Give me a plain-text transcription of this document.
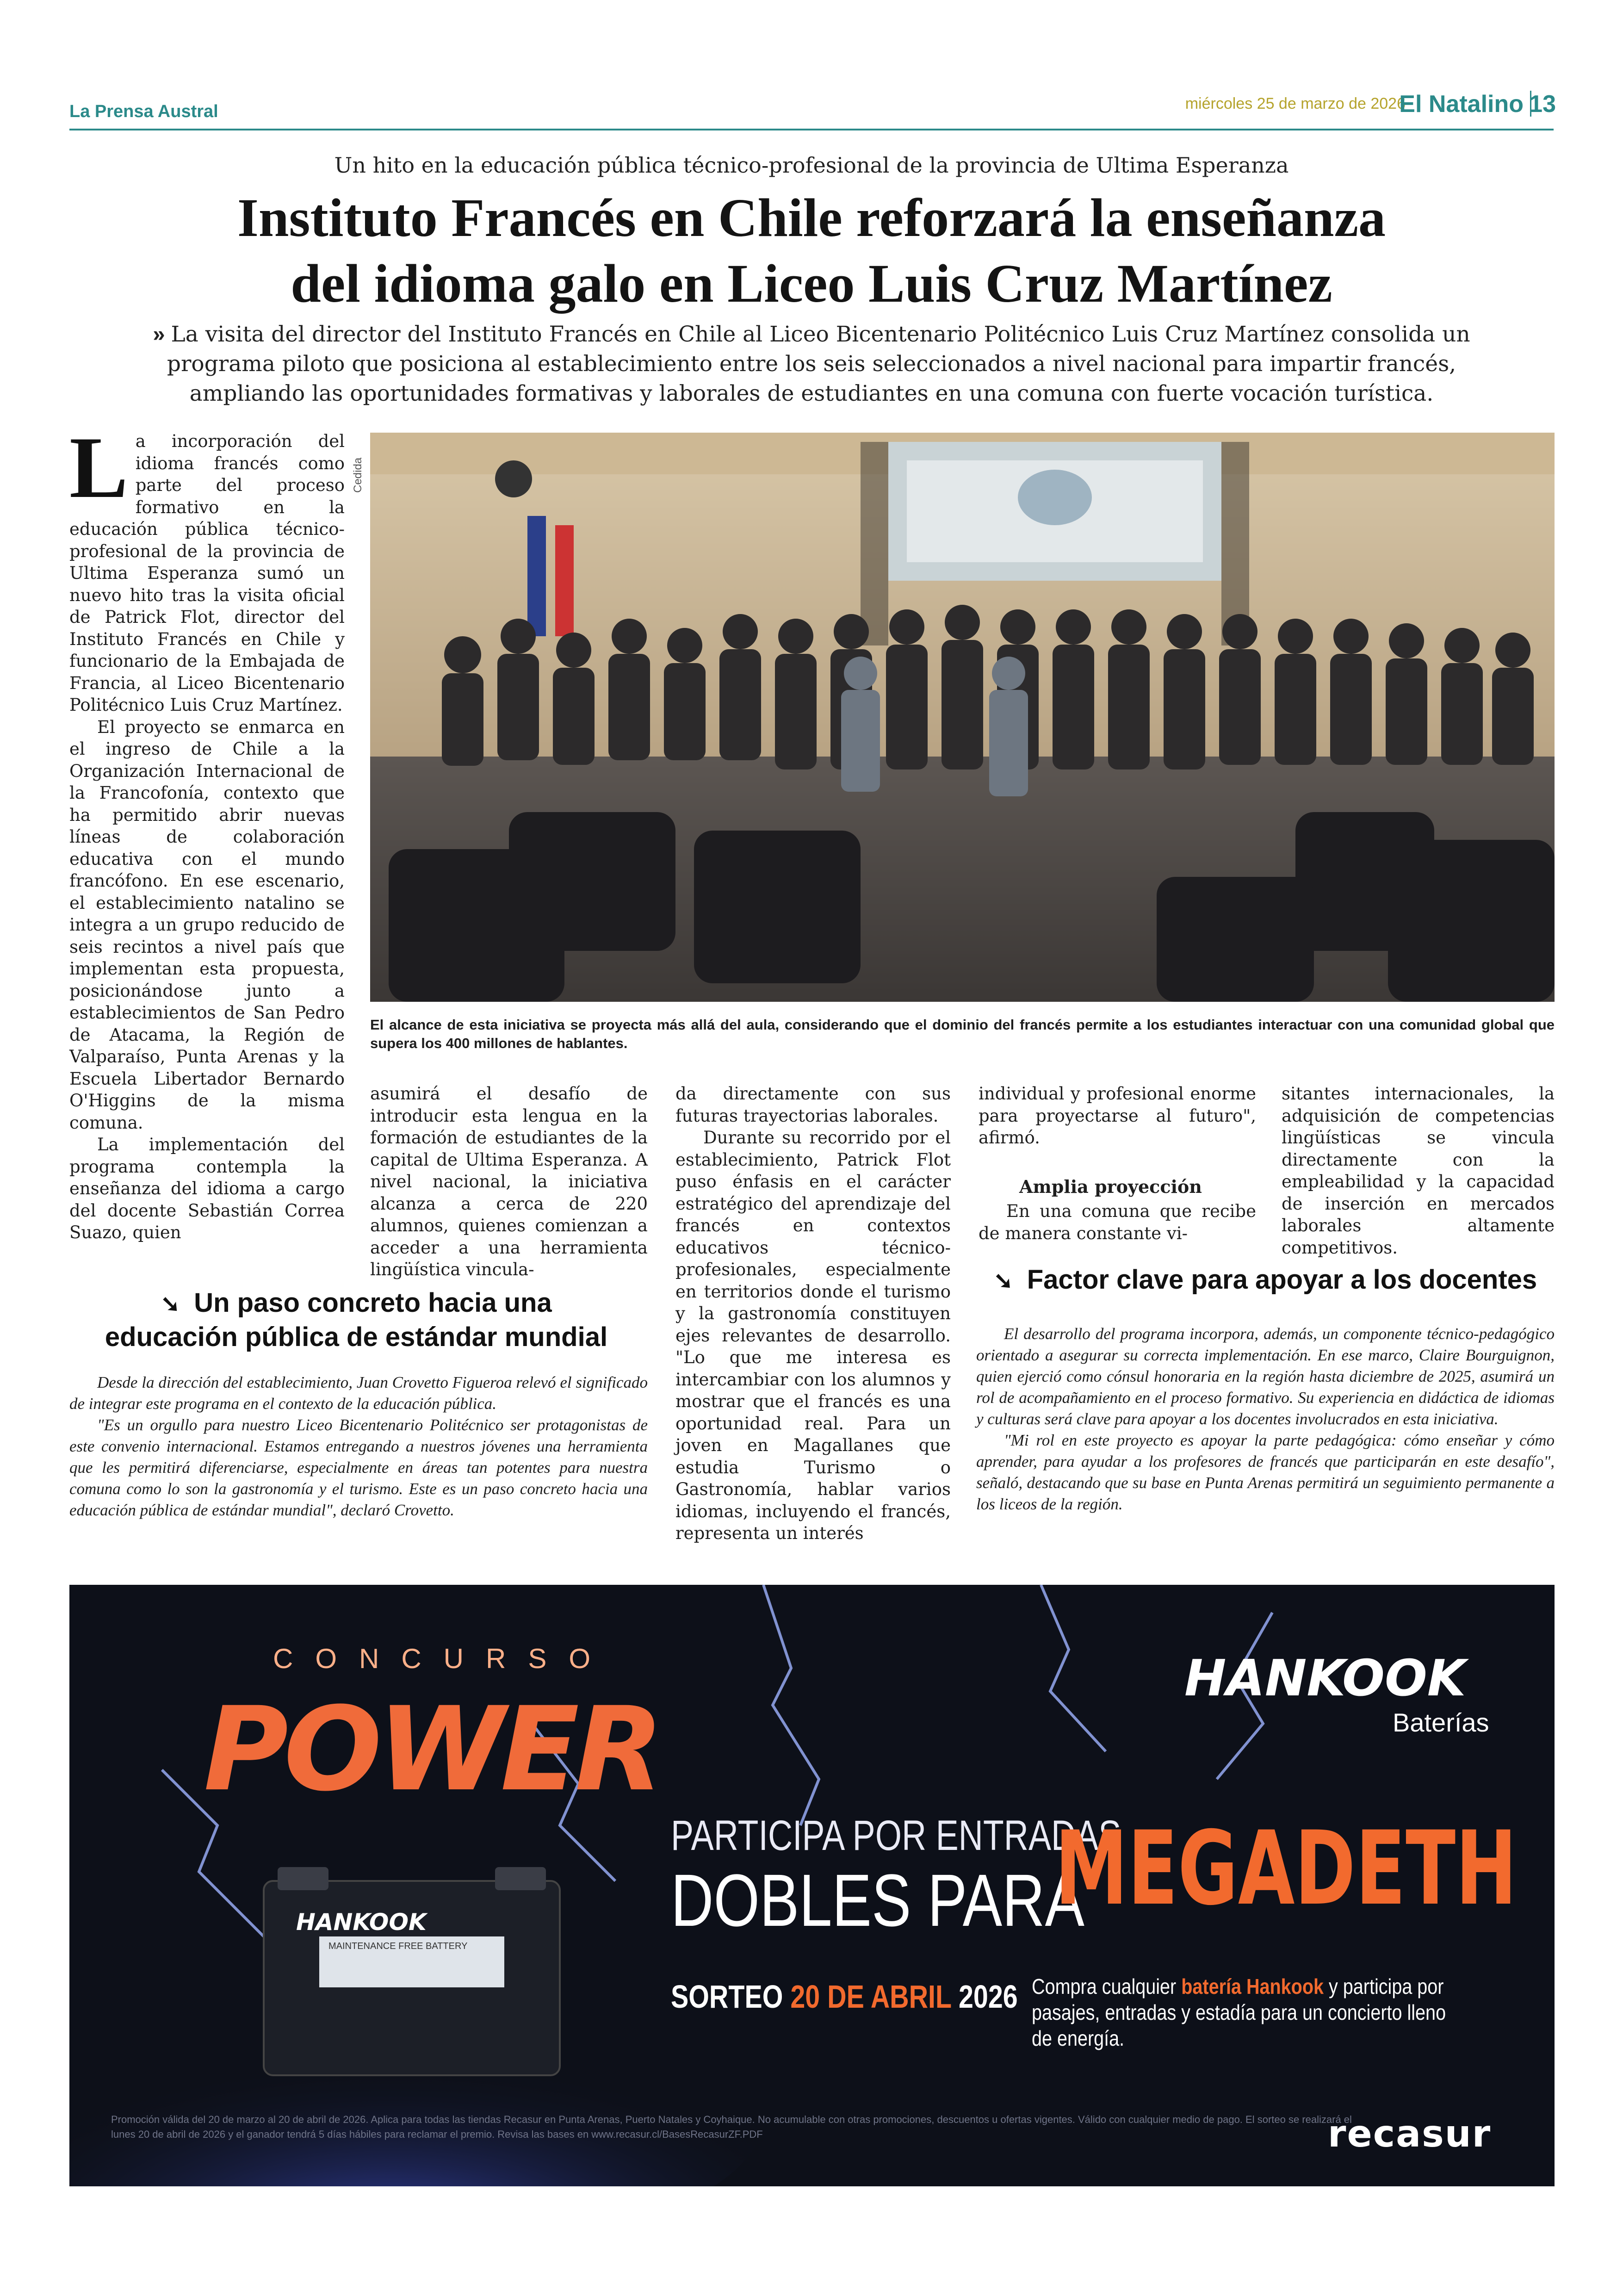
La Prensa Austral	miércoles 25 de marzo de 2026
El Natalino 13
Un hito en la educación pública técnico-profesional de la provincia de Ultima Esperanza
Instituto Francés en Chile reforzará la enseñanza
del idioma galo en Liceo Luis Cruz Martínez
» La visita del director del Instituto Francés en Chile al Liceo Bicentenario Politécnico Luis Cruz Martínez consolida un programa piloto que posiciona al establecimiento entre los seis seleccionados a nivel nacional para impartir francés, ampliando las oportunidades formativas y laborales de estudiantes en una comuna con fuerte vocación turística.

La incorporación del idioma francés como parte del proceso formativo en la educación pública técnico-profesional de la provincia de Ultima Esperanza sumó un nuevo hito tras la visita oficial de Patrick Flot, director del Instituto Francés en Chile y funcionario de la Embajada de Francia, al Liceo Bicentenario Politécnico Luis Cruz Martínez.

El proyecto se enmarca en el ingreso de Chile a la Organización Internacional de la Francofonía, contexto que ha permitido abrir nuevas líneas de colaboración educativa con el mundo francófono. En ese escenario, el establecimiento natalino se integra a un grupo reducido de seis recintos a nivel país que implementan esta propuesta, posicionándose junto a establecimientos de San Pedro de Atacama, la Región de Valparaíso, Punta Arenas y la Escuela Libertador Bernardo O'Higgins de la misma comuna.

La implementación del programa contempla la enseñanza del idioma a cargo del docente Sebastián Correa Suazo, quien

Cedida
El alcance de esta iniciativa se proyecta más allá del aula, considerando que el dominio del francés permite a los estudiantes interactuar con una comunidad global que supera los 400 millones de hablantes.

asumirá el desafío de introducir esta lengua en la formación de estudiantes de la capital de Ultima Esperanza. A nivel nacional, la iniciativa alcanza a cerca de 220 alumnos, quienes comienzan a acceder a una herramienta lingüística vincula-

da directamente con sus futuras trayectorias laborales.

Durante su recorrido por el establecimiento, Patrick Flot puso énfasis en el carácter estratégico del aprendizaje del francés en contextos educativos técnico-profesionales, especialmente en territorios donde el turismo y la gastronomía constituyen ejes relevantes de desarrollo. "Lo que me interesa es intercambiar con los alumnos y mostrar que el francés es una oportunidad real. Para un joven en Magallanes que estudia Turismo o Gastronomía, hablar varios idiomas, incluyendo el francés, representa un interés

individual y profesional enorme para proyectarse al futuro", afirmó.

Amplia proyección

En una comuna que recibe de manera constante vi-

sitantes internacionales, la adquisición de competencias lingüísticas se vincula directamente con la empleabilidad y la capacidad de inserción en mercados laborales altamente competitivos.

➘ Un paso concreto hacia una
educación pública de estándar mundial

Desde la dirección del establecimiento, Juan Crovetto Figueroa relevó el significado de integrar este programa en el contexto de la educación pública.

"Es un orgullo para nuestro Liceo Bicentenario Politécnico ser protagonistas de este convenio internacional. Estamos entregando a nuestros jóvenes una herramienta que les permitirá diferenciarse, especialmente en áreas tan potentes para nuestra comuna como lo son la gastronomía y el turismo. Este es un paso concreto hacia una educación pública de estándar mundial", declaró Crovetto.

➘ Factor clave para apoyar a los docentes

El desarrollo del programa incorpora, además, un componente técnico-pedagógico orientado a asegurar su correcta implementación. En ese marco, Claire Bourguignon, quien ejerció como cónsul honoraria en la región hasta diciembre de 2025, asumirá un rol de acompañamiento en el proceso formativo. Su experiencia en didáctica de idiomas y culturas será clave para apoyar a los docentes involucrados en esta iniciativa.

"Mi rol en este proyecto es apoyar la parte pedagógica: cómo enseñar y cómo aprender, para ayudar a los profesores de francés que participarán en este desafío", señaló, destacando que su base en Punta Arenas permitirá un seguimiento permanente a los liceos de la región.

CONCURSO
POWER
HANKOOK
Baterías
HANKOOK
MAINTENANCE FREE BATTERY
PARTICIPA POR ENTRADAS
DOBLES PARA
MEGADETH
SORTEO 20 DE ABRIL 2026 Compra cualquier batería Hankook y participa por pasajes, entradas y estadía para un concierto lleno de energía.
Promoción válida del 20 de marzo al 20 de abril de 2026. Aplica para todas las tiendas Recasur en Punta Arenas, Puerto Natales y Coyhaique. No acumulable con otras promociones, descuentos u ofertas vigentes. Válido con cualquier medio de pago. El sorteo se realizará el lunes 20 de abril de 2026 y el ganador tendrá 5 días hábiles para reclamar el premio. Revisa las bases en www.recasur.cl/BasesRecasurZF.PDF	recasur
